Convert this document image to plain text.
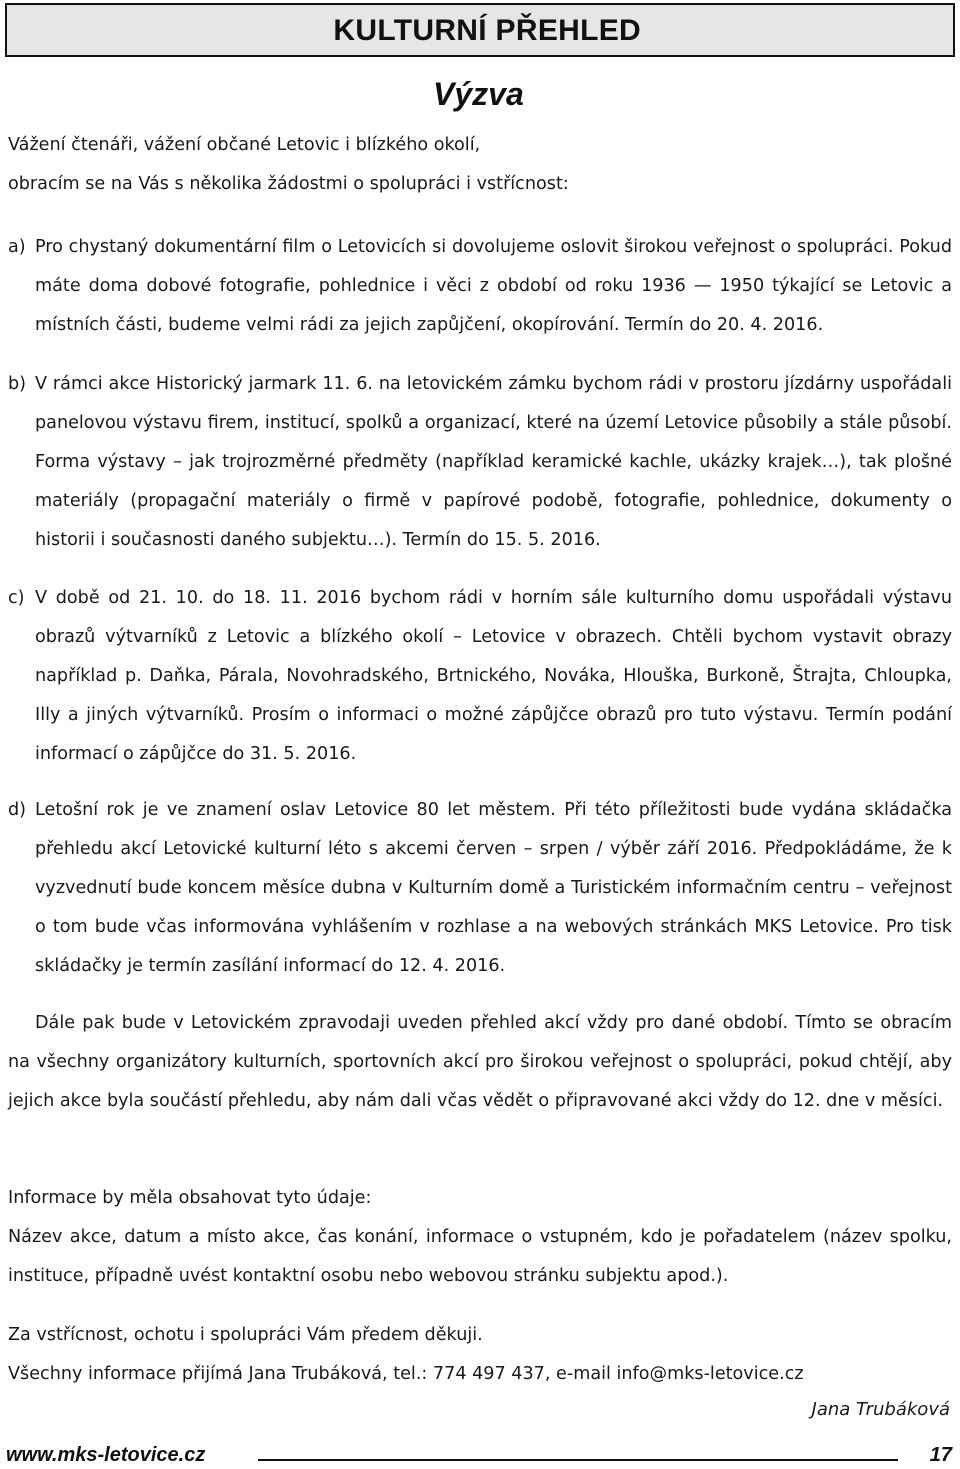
KULTURNÍ PŘEHLED
Výzva

Vážení čtenáři, vážení občané Letovic i blízkého okolí,

obracím se na Vás s několika žádostmi o spolupráci i vstřícnost:

a) Pro chystaný dokumentární film o Letovicích si dovolujeme oslovit širokou veřejnost o spolupráci. Pokud máte doma dobové fotografie, pohlednice i věci z období od roku 1936 — 1950 týkající se Letovic a místních části, budeme velmi rádi za jejich zapůjčení, okopírování. Termín do 20. 4. 2016.
b) V rámci akce Historický jarmark 11. 6. na letovickém zámku bychom rádi v prostoru jízdárny uspořádali panelovou výstavu firem, institucí, spolků a organizací, které na území Letovice působily a stále působí. Forma výstavy – jak trojrozměrné předměty (například keramické kachle, ukázky krajek…), tak plošné materiály (propagační materiály o firmě v papírové podobě, fotografie, pohlednice, dokumenty o historii i současnosti daného subjektu…). Termín do 15. 5. 2016.
c) V době od 21. 10. do 18. 11. 2016 bychom rádi v horním sále kulturního domu uspořádali výstavu obrazů výtvarníků z Letovic a blízkého okolí – Letovice v obrazech. Chtěli bychom vystavit obrazy například p. Daňka, Párala, Novohradského, Brtnického, Nováka, Hlouška, Burkoně, Štrajta, Chloupka, Illy a jiných výtvarníků. Prosím o informaci o možné zápůjčce obrazů pro tuto výstavu. Termín podání informací o zápůjčce do 31. 5. 2016.
d) Letošní rok je ve znamení oslav Letovice 80 let městem. Při této příležitosti bude vydána skládačka přehledu akcí Letovické kulturní léto s akcemi červen – srpen / výběr září 2016. Předpokládáme, že k vyzvednutí bude koncem měsíce dubna v Kulturním domě a Turistickém informačním centru – veřejnost o tom bude včas informována vyhlášením v rozhlase a na webových stránkách MKS Letovice. Pro tisk skládačky je termín zasílání informací do 12. 4. 2016.

Dále pak bude v Letovickém zpravodaji uveden přehled akcí vždy pro dané období. Tímto se obracím na všechny organizátory kulturních, sportovních akcí pro širokou veřejnost o spolupráci, pokud chtějí, aby jejich akce byla součástí přehledu, aby nám dali včas vědět o připravované akci vždy do 12. dne v měsíci.

Informace by měla obsahovat tyto údaje:

Název akce, datum a místo akce, čas konání, informace o vstupném, kdo je pořadatelem (název spolku, instituce, případně uvést kontaktní osobu nebo webovou stránku subjektu apod.).

Za vstřícnost, ochotu i spolupráci Vám předem děkuji.

Všechny informace přijímá Jana Trubáková, tel.: 774 497 437, e-mail info@mks-letovice.cz

Jana Trubáková

www.mks-letovice.cz	17
